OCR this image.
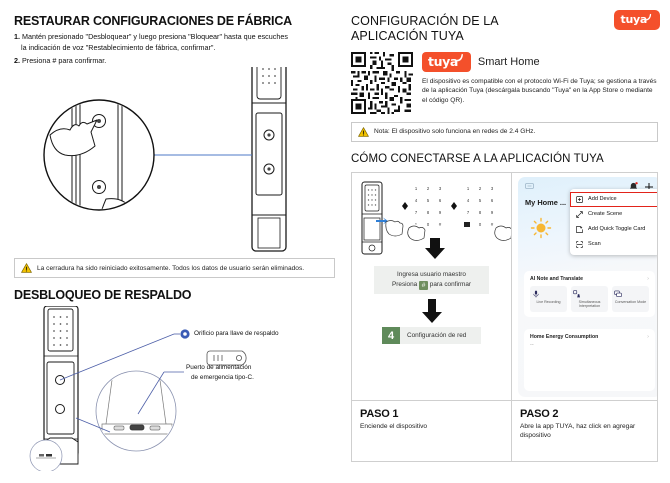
RESTAURAR CONFIGURACIONES DE FÁBRICA

1. Mantén presionado "Desbloquear" y luego presiona "Bloquear" hasta que escuches

la indicación de voz "Restablecimiento de fábrica, confirmar".

2. Presiona # para confirmar.

La cerradura ha sido reiniciado exitosamente. Todos los datos de usuario serán eliminados.
DESBLOQUEO DE RESPALDO
Orificio para llave de respaldo
Puerto de alimentación
de emergencia tipo-C.
tuya
CONFIGURACIÓN DE LA
APLICACIÓN TUYA
tuya Smart Home
El dispositivo es compatible con el protocolo Wi-Fi de Tuya; se gestiona a través de la aplicación Tuya (descárgala buscando "Tuya" en la App Store o mediante el código QR).
Nota: El dispositivo solo funciona en redes de 2.4 GHz.
CÓMO CONECTARSE A LA APLICACIÓN TUYA
1 2 3
4 5 6
7 8 9
* 0 #
1 2 3
4 5 6
7 8 9
0 #
Ingresa usuario maestro
Presiona # para confirmar
4	Configuración de red
PASO 1
Enciende el dispositivo
My Home ...	Add Device
Create Scene
Add Quick Toggle Card
Scan
AI Note and Translate	›
Live Recording	Simultaneous Interpretation
Conversation Mode
Home Energy Consumption	›
--
PASO 2
Abre la app TUYA, haz click en agregar dispositivo
